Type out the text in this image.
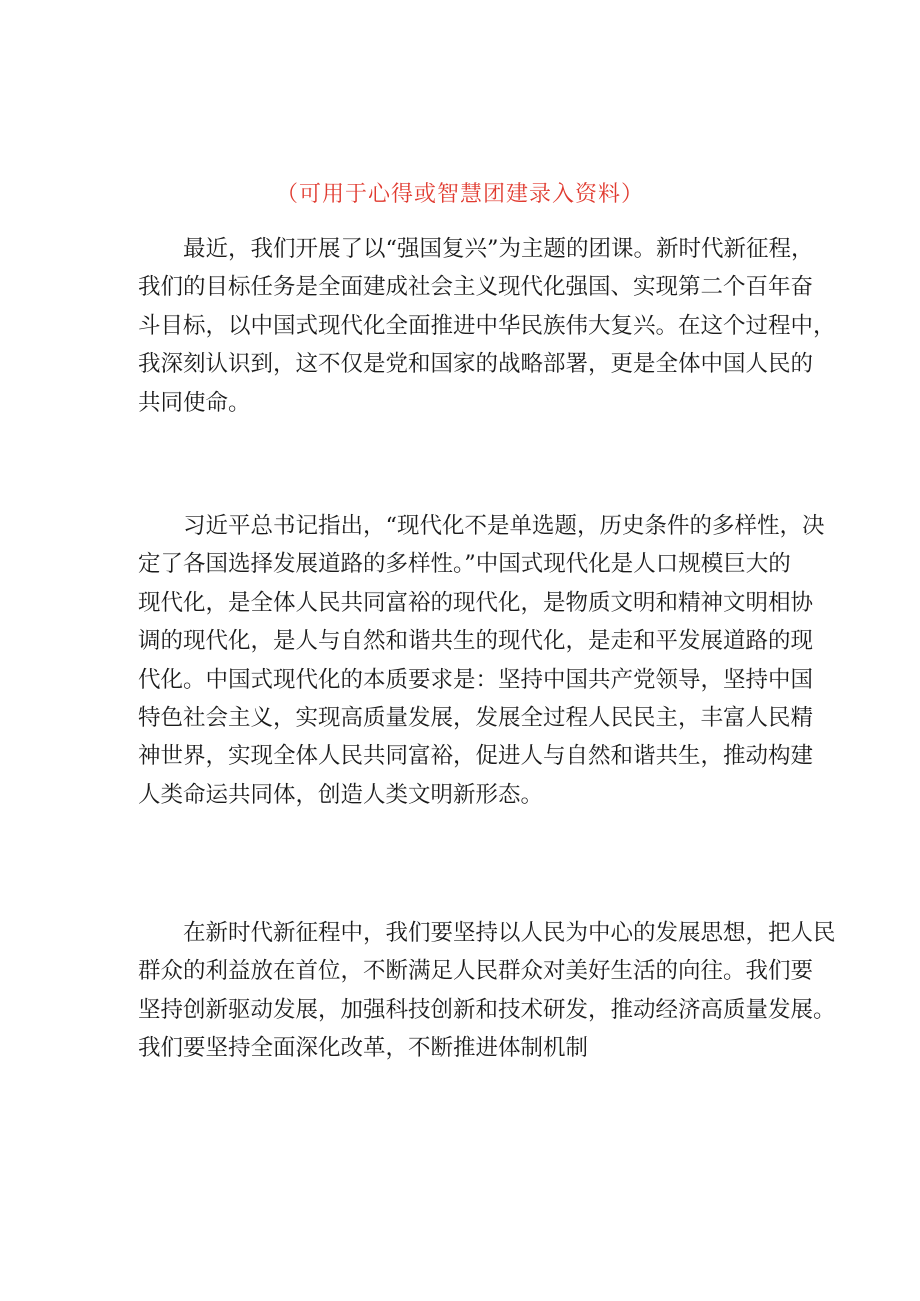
（可用于心得或智慧团建录入资料）
　　最近，我们开展了以“强国复兴”为主题的团课。新时代新征程，
我们的目标任务是全面建成社会主义现代化强国、实现第二个百年奋
斗目标，以中国式现代化全面推进中华民族伟大复兴。在这个过程中，
我深刻认识到，这不仅是党和国家的战略部署，更是全体中国人民的
共同使命。
　　习近平总书记指出，“现代化不是单选题，历史条件的多样性，决
定了各国选择发展道路的多样性。”中国式现代化是人口规模巨大的
现代化，是全体人民共同富裕的现代化，是物质文明和精神文明相协
调的现代化，是人与自然和谐共生的现代化，是走和平发展道路的现
代化。中国式现代化的本质要求是：坚持中国共产党领导，坚持中国
特色社会主义，实现高质量发展，发展全过程人民民主，丰富人民精
神世界，实现全体人民共同富裕，促进人与自然和谐共生，推动构建
人类命运共同体，创造人类文明新形态。
　　在新时代新征程中，我们要坚持以人民为中心的发展思想，把人民
群众的利益放在首位，不断满足人民群众对美好生活的向往。我们要
坚持创新驱动发展，加强科技创新和技术研发，推动经济高质量发展。
我们要坚持全面深化改革，不断推进体制机制
